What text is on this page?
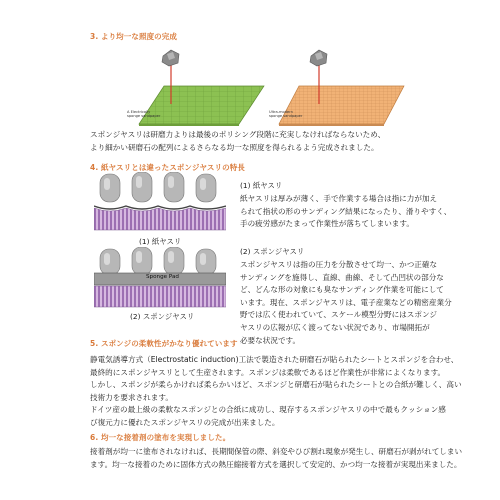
3. より均一な照度の完成
A Electrically
sponge sandpaper
Ultra-modern
sponge sandpaper
スポンジヤスリは研磨力よりは最後のポリシング段階に充実しなければならないため、
より細かい研磨石の配列によるさらなる均一な照度を得られるよう完成されました。
4. 紙ヤスリとは違ったスポンジヤスリの特長
(1) 紙ヤスリ
Sponge Pad
(2) スポンジヤスリ
(1) 紙ヤスリ
紙ヤスリは厚みが薄く、手で作業する場合は指に力が加え
られて指状の形のサンディング結果になったり、滑りやすく、
手の疲労感がたまって作業性が落ちてしまいます。
(2) スポンジヤスリ
スポンジヤスリは指の圧力を分散させて均一、かつ正確な
サンディングを施得し、直線、曲線、そして凸凹状の部分な
ど、どんな形の対象にも臭なサンディング作業を可能にして
います。現在、スポンジヤスリは、電子産業などの精密産業分
野では広く使われていて、スケール模型分野にはスポンジ
ヤスリの広報が広く渡ってない状況であり、市場開拓が
必要な状況です。
5. スポンジの柔軟性がかなり優れています
静電気誘導方式（Electrostatic induction)工法で製造された研磨石が貼られたシートとスポンジを合わせ、
最終的にスポンジヤスリとして生産されます。スポンジは柔軟であるほど作業性が非常によくなります。
しかし、スポンジが柔らかければ柔らかいほど、スポンジと研磨石が貼られたシートとの合紙が難しく、高い
技術力を要求されます。
ドイツ産の最上級の柔軟なスポンジとの合紙に成功し、現存するスポンジヤスリの中で最もクッション感
び復元力に優れたスポンジヤスリの完成が出来ました。
6. 均一な接着剤の塗布を実現しました。
接着剤が均一に塗布されなければ、長期間保管の際、斜変やひび割れ現象が発生し、研磨石が剥がれてしまい
ます。均一な接着のために固体方式の熱圧縮接着方式を選択して安定的、かつ均一な接着が実現出来ました。
